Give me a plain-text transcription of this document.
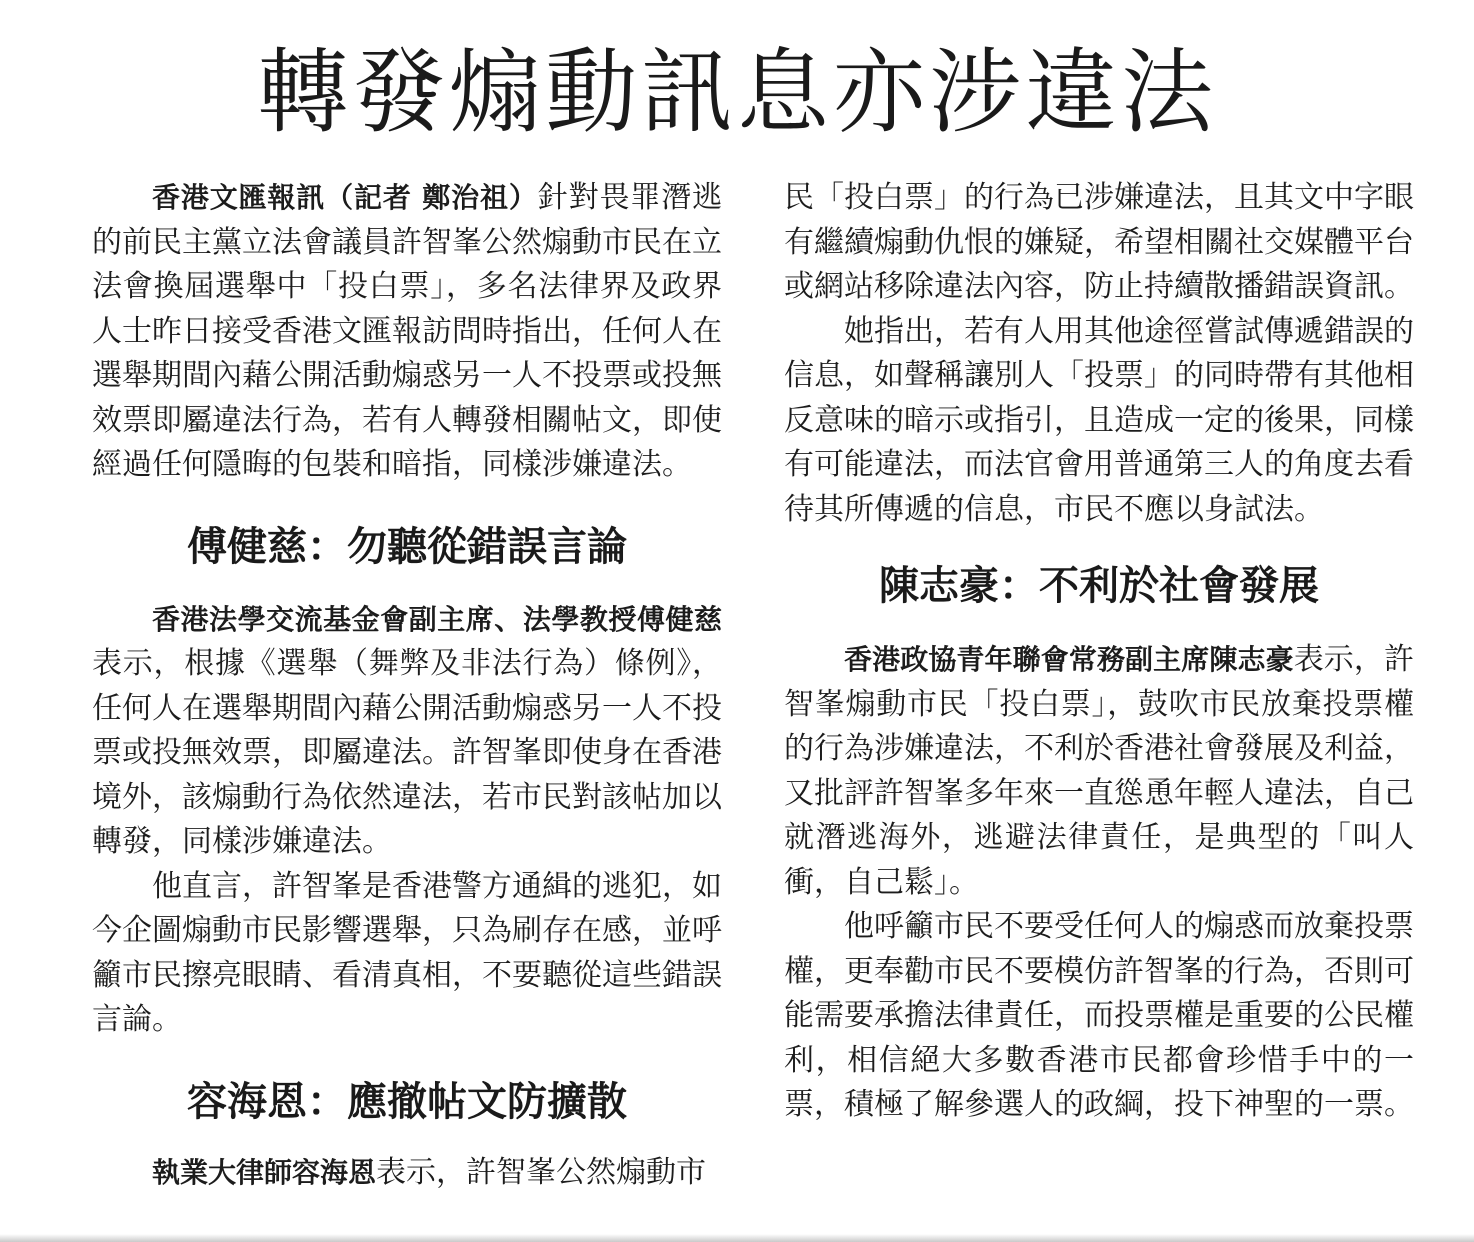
轉發煽動訊息亦涉違法

香港文匯報訊（記者 鄭治祖）針對畏罪潛逃的前民主黨立法會議員許智峯公然煽動市民在立法會換屆選舉中「投白票」，多名法律界及政界人士昨日接受香港文匯報訪問時指出，任何人在選舉期間內藉公開活動煽惑另一人不投票或投無效票即屬違法行為，若有人轉發相關帖文，即使經過任何隱晦的包裝和暗指，同樣涉嫌違法。

傅健慈：勿聽從錯誤言論

香港法學交流基金會副主席、法學教授傅健慈表示，根據《選舉（舞弊及非法行為）條例》，任何人在選舉期間內藉公開活動煽惑另一人不投票或投無效票，即屬違法。許智峯即使身在香港境外，該煽動行為依然違法，若市民對該帖加以轉發，同樣涉嫌違法。

他直言，許智峯是香港警方通緝的逃犯，如今企圖煽動市民影響選舉，只為刷存在感，並呼籲市民擦亮眼睛、看清真相，不要聽從這些錯誤言論。

容海恩：應撤帖文防擴散

執業大律師容海恩表示，許智峯公然煽動市

民「投白票」的行為已涉嫌違法，且其文中字眼有繼續煽動仇恨的嫌疑，希望相關社交媒體平台或網站移除違法內容，防止持續散播錯誤資訊。

她指出，若有人用其他途徑嘗試傳遞錯誤的信息，如聲稱讓別人「投票」的同時帶有其他相反意味的暗示或指引，且造成一定的後果，同樣有可能違法，而法官會用普通第三人的角度去看待其所傳遞的信息，市民不應以身試法。

陳志豪：不利於社會發展

香港政協青年聯會常務副主席陳志豪表示，許智峯煽動市民「投白票」，鼓吹市民放棄投票權的行為涉嫌違法，不利於香港社會發展及利益，又批評許智峯多年來一直慫恿年輕人違法，自己就潛逃海外，逃避法律責任，是典型的「叫人衝，自己鬆」。

他呼籲市民不要受任何人的煽惑而放棄投票權，更奉勸市民不要模仿許智峯的行為，否則可能需要承擔法律責任，而投票權是重要的公民權利，相信絕大多數香港市民都會珍惜手中的一票，積極了解參選人的政綱，投下神聖的一票。
